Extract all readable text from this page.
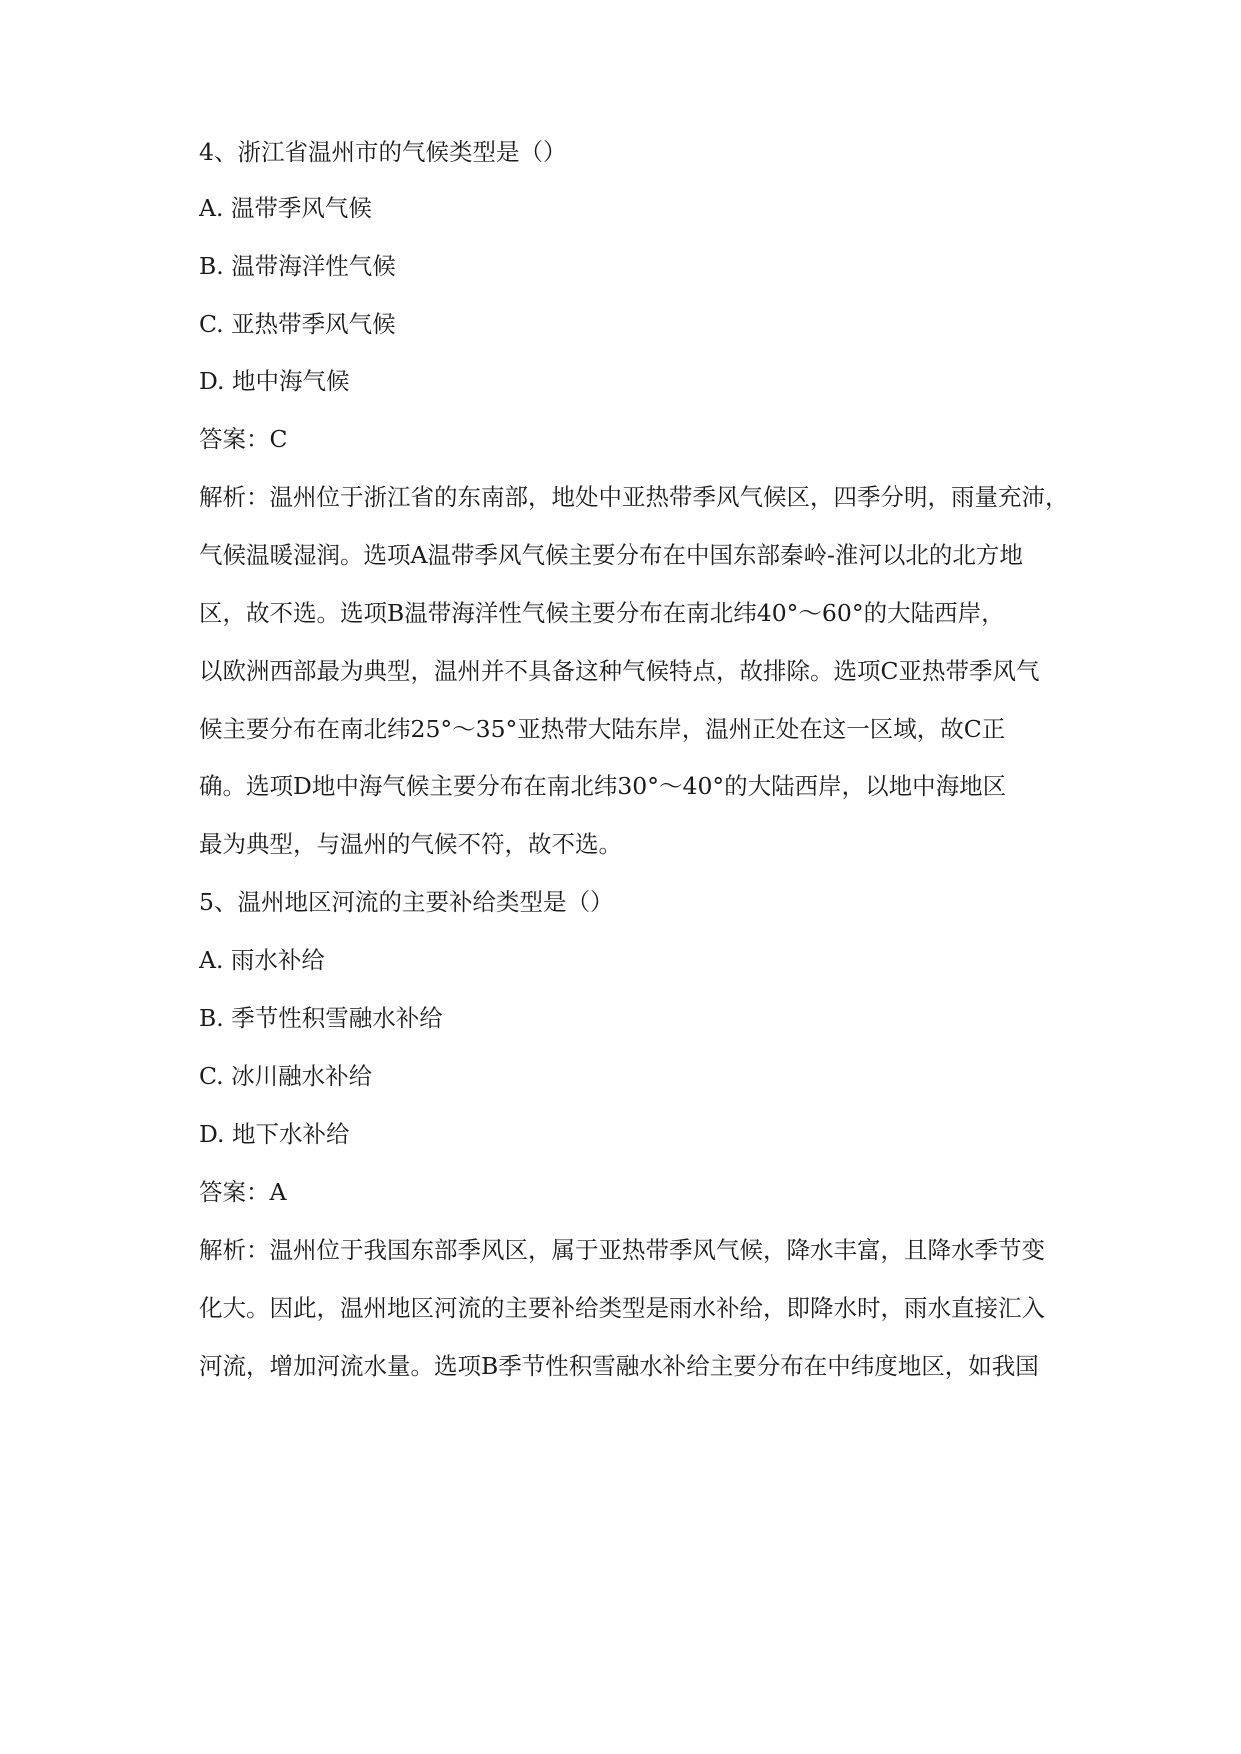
4、浙江省温州市的气候类型是（）
A. 温带季风气候
B. 温带海洋性气候
C. 亚热带季风气候
D. 地中海气候
答案：C
解析：温州位于浙江省的东南部，地处中亚热带季风气候区，四季分明，雨量充沛，
气候温暖湿润。选项A温带季风气候主要分布在中国东部秦岭-淮河以北的北方地
区，故不选。选项B温带海洋性气候主要分布在南北纬40°～60°的大陆西岸，
以欧洲西部最为典型，温州并不具备这种气候特点，故排除。选项C亚热带季风气
候主要分布在南北纬25°～35°亚热带大陆东岸，温州正处在这一区域，故C正
确。选项D地中海气候主要分布在南北纬30°～40°的大陆西岸，以地中海地区
最为典型，与温州的气候不符，故不选。
5、温州地区河流的主要补给类型是（）
A. 雨水补给
B. 季节性积雪融水补给
C. 冰川融水补给
D. 地下水补给
答案：A
解析：温州位于我国东部季风区，属于亚热带季风气候，降水丰富，且降水季节变
化大。因此，温州地区河流的主要补给类型是雨水补给，即降水时，雨水直接汇入
河流，增加河流水量。选项B季节性积雪融水补给主要分布在中纬度地区，如我国
